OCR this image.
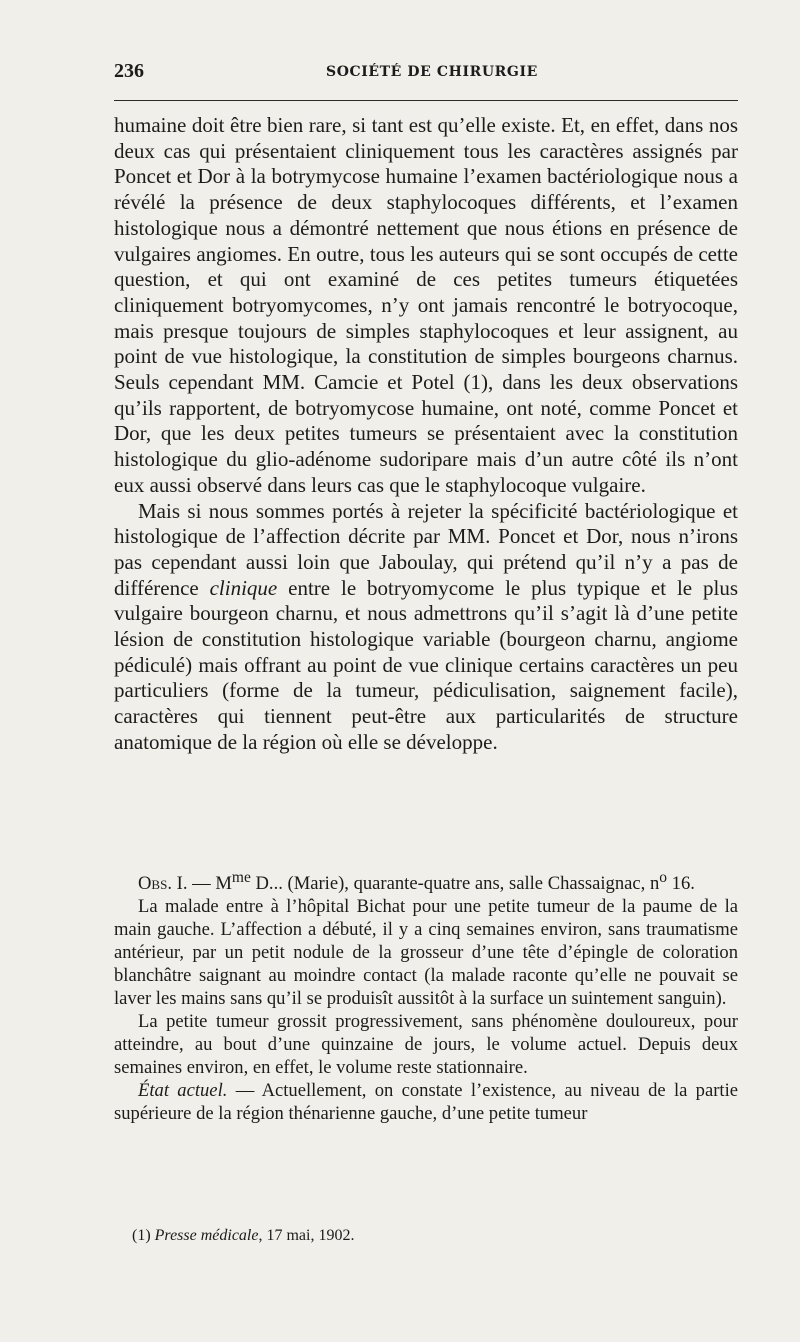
236	SOCIÉTÉ DE CHIRURGIE

humaine doit être bien rare, si tant est qu’elle existe. Et, en effet, dans nos deux cas qui présentaient cliniquement tous les caractères assignés par Poncet et Dor à la botrymycose humaine l’examen bactériologique nous a révélé la présence de deux staphylocoques différents, et l’examen histologique nous a démontré nettement que nous étions en présence de vulgaires angiomes. En outre, tous les auteurs qui se sont occupés de cette question, et qui ont examiné de ces petites tumeurs étiquetées cliniquement botryomycomes, n’y ont jamais rencontré le botryocoque, mais presque toujours de simples staphylocoques et leur assignent, au point de vue histologique, la constitution de simples bourgeons charnus. Seuls cependant MM. Camcie et Potel (1), dans les deux observations qu’ils rapportent, de botryomycose humaine, ont noté, comme Poncet et Dor, que les deux petites tumeurs se présentaient avec la constitution histologique du glio-adénome sudoripare mais d’un autre côté ils n’ont eux aussi observé dans leurs cas que le staphylocoque vulgaire.

Mais si nous sommes portés à rejeter la spécificité bactériologique et histologique de l’affection décrite par MM. Poncet et Dor, nous n’irons pas cependant aussi loin que Jaboulay, qui prétend qu’il n’y a pas de différence clinique entre le botryomycome le plus typique et le plus vulgaire bourgeon charnu, et nous admettrons qu’il s’agit là d’une petite lésion de constitution histologique variable (bourgeon charnu, angiome pédiculé) mais offrant au point de vue clinique certains caractères un peu particuliers (forme de la tumeur, pédiculisation, saignement facile), caractères qui tiennent peut-être aux particularités de structure anatomique de la région où elle se développe.

Obs. I. — $M^{me}$ D... (Marie), quarante-quatre ans, salle Chassaignac, $n^o$ 16.

La malade entre à l’hôpital Bichat pour une petite tumeur de la paume de la main gauche. L’affection a débuté, il y a cinq semaines environ, sans traumatisme antérieur, par un petit nodule de la grosseur d’une tête d’épingle de coloration blanchâtre saignant au moindre contact (la malade raconte qu’elle ne pouvait se laver les mains sans qu’il se produisît aussitôt à la surface un suintement sanguin).

La petite tumeur grossit progressivement, sans phénomène douloureux, pour atteindre, au bout d’une quinzaine de jours, le volume actuel. Depuis deux semaines environ, en effet, le volume reste stationnaire.

État actuel. — Actuellement, on constate l’existence, au niveau de la partie supérieure de la région thénarienne gauche, d’une petite tumeur

(1) Presse médicale, 17 mai, 1902.
